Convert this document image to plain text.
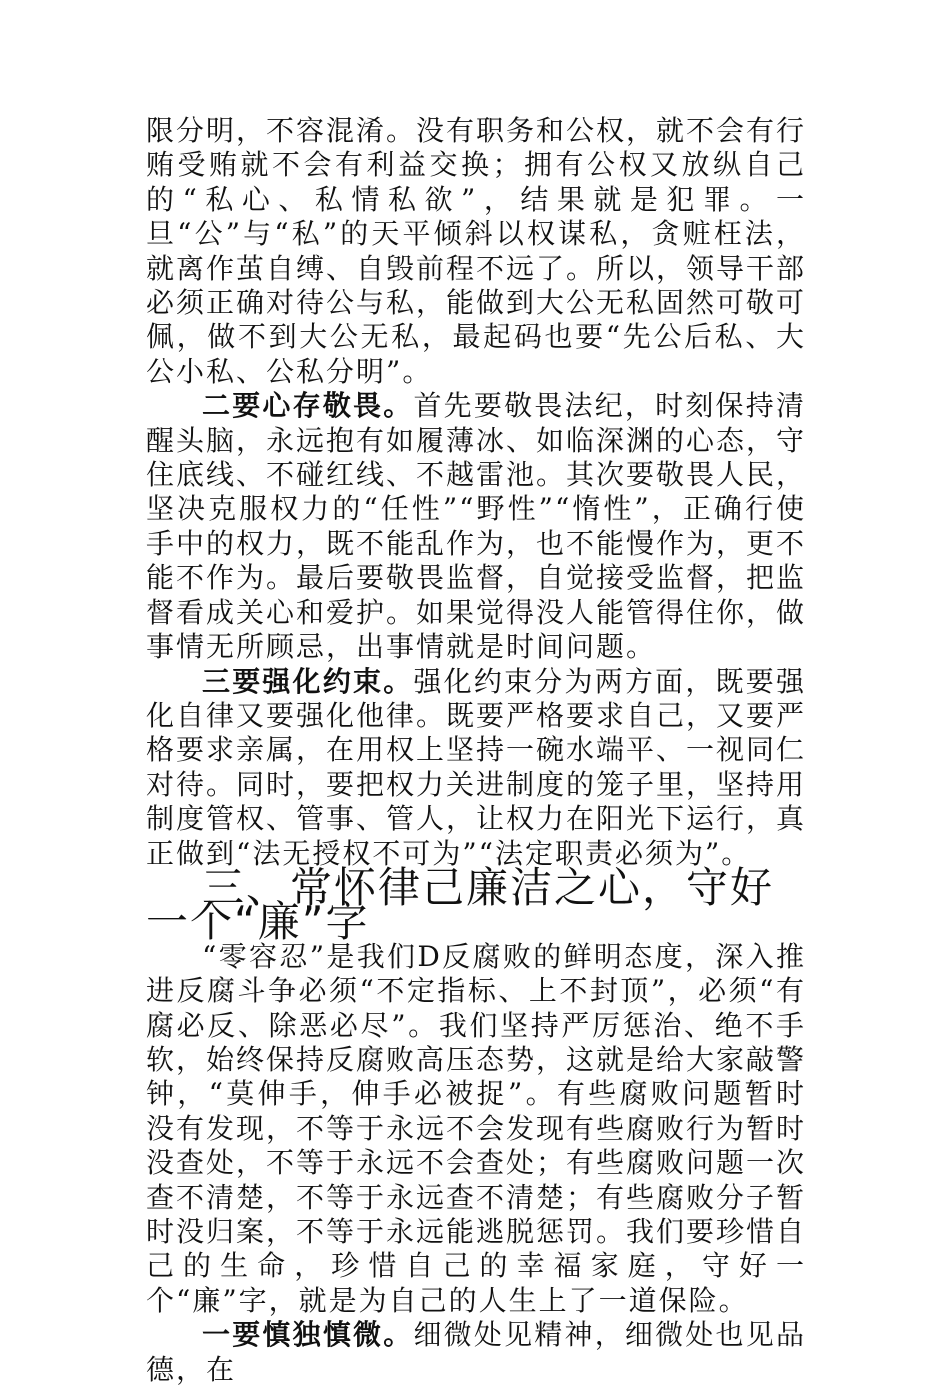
限分明，不容混淆。没有职务和公权，就不会有行贿受贿就不会有利益交换；拥有公权又放纵自己的“私心、私情私欲”，结果就是犯罪。一旦“公”与“私”的天平倾斜以权谋私，贪赃枉法，就离作茧自缚、自毁前程不远了。所以，领导干部必须正确对待公与私，能做到大公无私固然可敬可佩，做不到大公无私，最起码也要“先公后私、大公小私、公私分明”。

二要心存敬畏。首先要敬畏法纪，时刻保持清醒头脑，永远抱有如履薄冰、如临深渊的心态，守住底线、不碰红线、不越雷池。其次要敬畏人民，坚决克服权力的“任性”“野性”“惰性”，正确行使手中的权力，既不能乱作为，也不能慢作为，更不能不作为。最后要敬畏监督，自觉接受监督，把监督看成关心和爱护。如果觉得没人能管得住你，做事情无所顾忌，出事情就是时间问题。

三要强化约束。强化约束分为两方面，既要强化自律又要强化他律。既要严格要求自己，又要严格要求亲属，在用权上坚持一碗水端平、一视同仁对待。同时，要把权力关进制度的笼子里，坚持用制度管权、管事、管人，让权力在阳光下运行，真正做到“法无授权不可为”“法定职责必须为”。

三、常怀律己廉洁之心，守好一个“廉”字

“零容忍”是我们D反腐败的鲜明态度，深入推进反腐斗争必须“不定指标、上不封顶”，必须“有腐必反、除恶必尽”。我们坚持严厉惩治、绝不手软，始终保持反腐败高压态势，这就是给大家敲警钟，“莫伸手，伸手必被捉”。有些腐败问题暂时没有发现，不等于永远不会发现有些腐败行为暂时没查处，不等于永远不会查处；有些腐败问题一次查不清楚，不等于永远查不清楚；有些腐败分子暂时没归案，不等于永远能逃脱惩罚。我们要珍惜自己的生命，珍惜自己的幸福家庭，守好一个“廉”字，就是为自己的人生上了一道保险。

一要慎独慎微。细微处见精神，细微处也见品德，在
